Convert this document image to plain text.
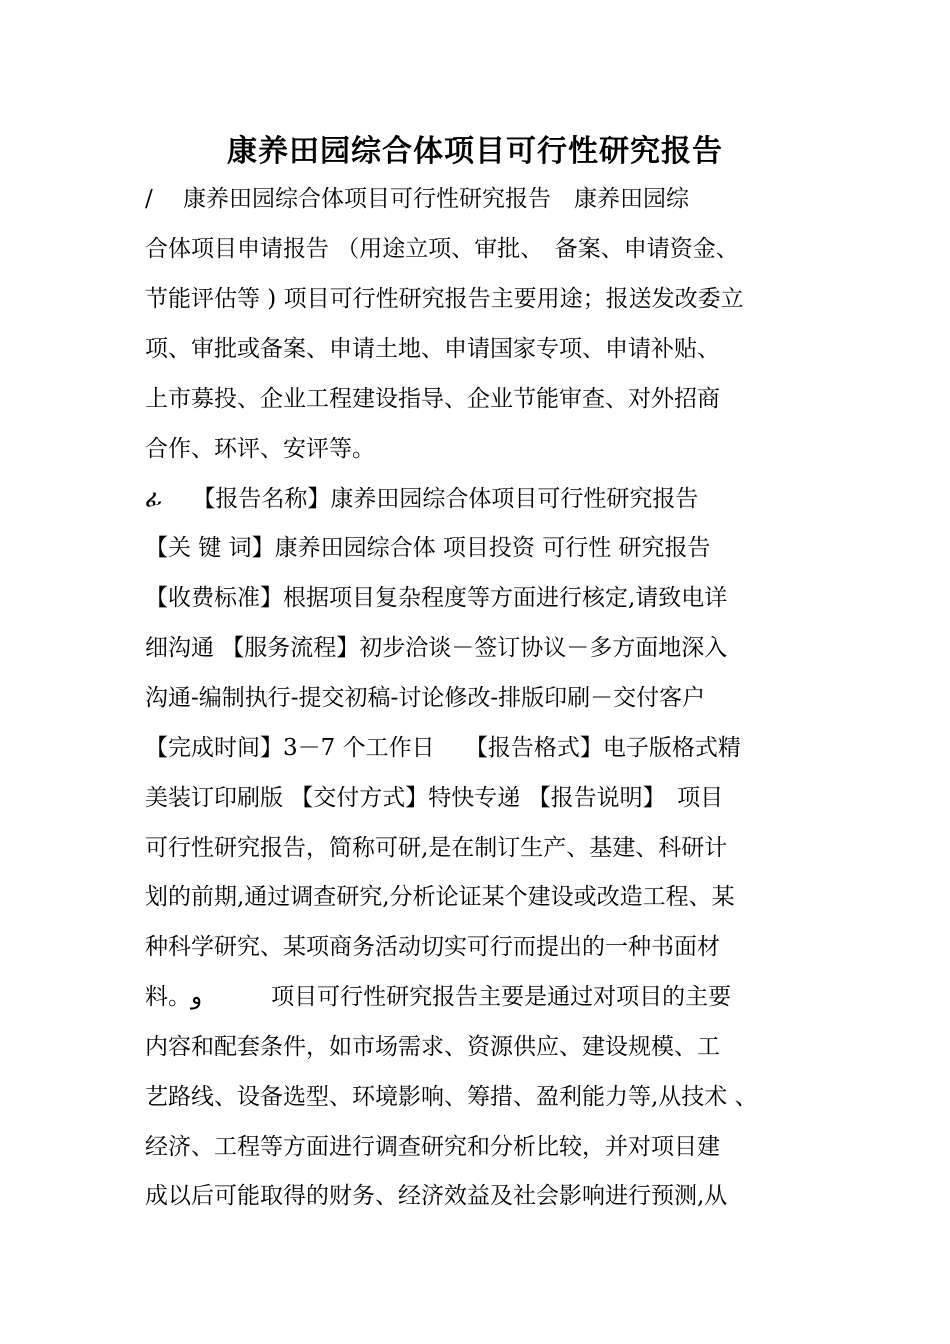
康养田园综合体项目可行性研究报告
/　 康养田园综合体项目可行性研究报告　康养田园综
合体项目申请报告 （用途立项、审批、　备案、申请资金、
节能评估等 ) 项目可行性研究报告主要用途；报送发改委立
项、审批或备案、申请土地、申请国家专项、申请补贴、
上市募投、企业工程建设指导、企业节能审查、对外招商
合作、环评、安评等。
ፊ　 【报告名称】康养田园综合体项目可行性研究报告
【关 键 词】康养田园综合体 项目投资 可行性 研究报告
【收费标准】根据项目复杂程度等方面进行核定,请致电详
细沟通 【服务流程】初步洽谈－签订协议－多方面地深入
沟通-编制执行-提交初稿-讨论修改-排版印刷－交付客户
【完成时间】3－7 个工作日　 【报告格式】电子版格式精
美装订印刷版 【交付方式】特快专递 【报告说明】　项目
可行性研究报告，简称可研,是在制订生产、基建、科研计
划的前期,通过调查研究,分析论证某个建设或改造工程、某
种科学研究、某项商务活动切实可行而提出的一种书面材
料。و　　　项目可行性研究报告主要是通过对项目的主要
内容和配套条件，如市场需求、资源供应、建设规模、工
艺路线、设备选型、环境影响、筹措、盈利能力等,从技术 、
经济、工程等方面进行调查研究和分析比较，并对项目建
成以后可能取得的财务、经济效益及社会影响进行预测,从
